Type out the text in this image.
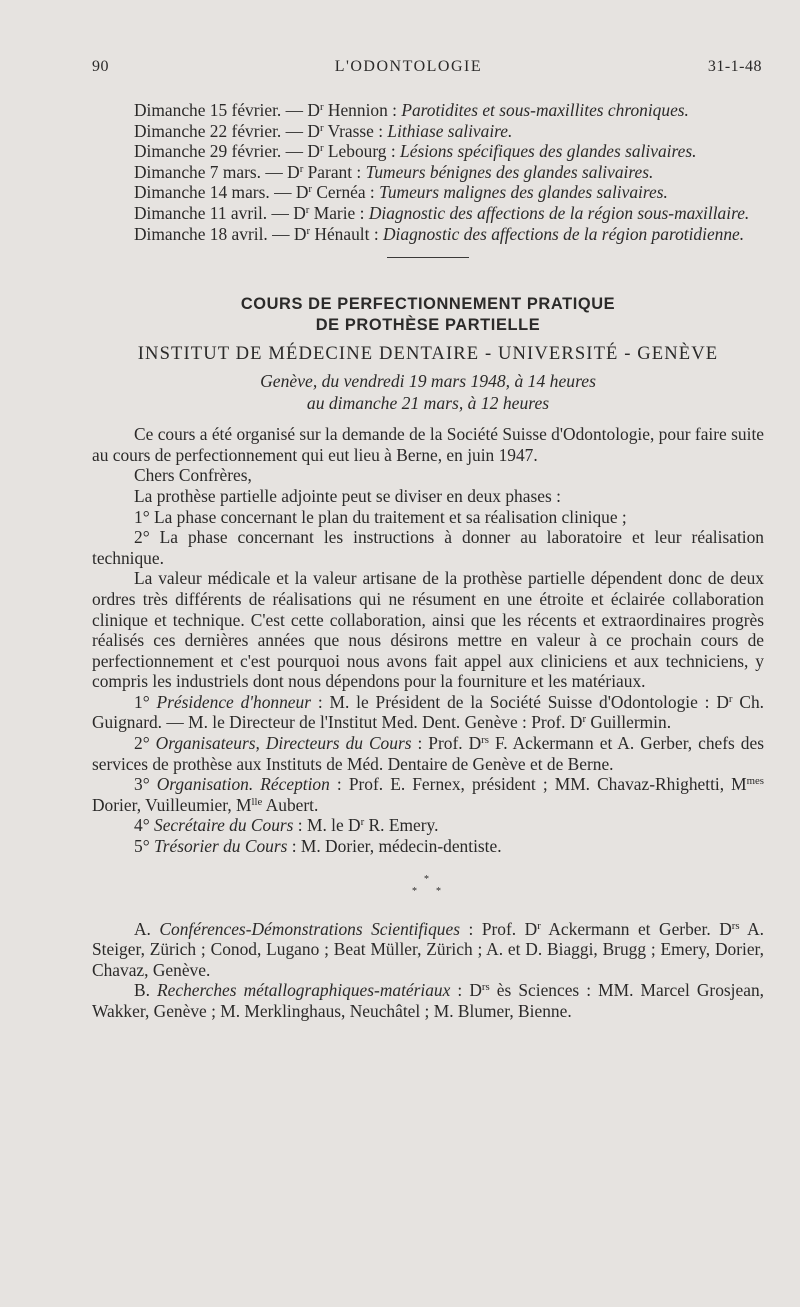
90	L'ODONTOLOGIE	31-1-48

Dimanche 15 février. — $D^r$ Hennion : Parotidites et sous-maxillites chroniques.

Dimanche 22 février. — $D^r$ Vrasse : Lithiase salivaire.

Dimanche 29 février. — $D^r$ Lebourg : Lésions spécifiques des glandes salivaires.

Dimanche 7 mars. — $D^r$ Parant : Tumeurs bénignes des glandes salivaires.

Dimanche 14 mars. — $D^r$ Cernéa : Tumeurs malignes des glandes salivaires.

Dimanche 11 avril. — $D^r$ Marie : Diagnostic des affections de la région sous-maxillaire.

Dimanche 18 avril. — $D^r$ Hénault : Diagnostic des affections de la région parotidienne.

COURS DE PERFECTIONNEMENT PRATIQUE
DE PROTHÈSE PARTIELLE
INSTITUT DE MÉDECINE DENTAIRE - UNIVERSITÉ - GENÈVE
Genève, du vendredi 19 mars 1948, à 14 heures
au dimanche 21 mars, à 12 heures

Ce cours a été organisé sur la demande de la Société Suisse d'Odontologie, pour faire suite au cours de perfectionnement qui eut lieu à Berne, en juin 1947.

Chers Confrères,

La prothèse partielle adjointe peut se diviser en deux phases :

1° La phase concernant le plan du traitement et sa réalisation clinique ;

2° La phase concernant les instructions à donner au laboratoire et leur réalisation technique.

La valeur médicale et la valeur artisane de la prothèse partielle dépendent donc de deux ordres très différents de réalisations qui ne résument en une étroite et éclairée collaboration clinique et technique. C'est cette collaboration, ainsi que les récents et extraordinaires progrès réalisés ces dernières années que nous désirons mettre en valeur à ce prochain cours de perfectionnement et c'est pourquoi nous avons fait appel aux cliniciens et aux techniciens, y compris les industriels dont nous dépendons pour la fourniture et les matériaux.

1° Présidence d'honneur : M. le Président de la Société Suisse d'Odontologie : $D^r$ Ch. Guignard. — M. le Directeur de l'Institut Med. Dent. Genève : Prof. $D^r$ Guillermin.

2° Organisateurs, Directeurs du Cours : Prof. $D^{rs}$ F. Ackermann et A. Gerber, chefs des services de prothèse aux Instituts de Méd. Dentaire de Genève et de Berne.

3° Organisation. Réception : Prof. E. Fernex, président ; MM. Chavaz-Rhighetti, $M^{mes}$ Dorier, Vuilleumier, $M^{lle}$ Aubert.

4° Secrétaire du Cours : M. le $D^r$ R. Emery.

5° Trésorier du Cours : M. Dorier, médecin-dentiste.

*
* *

A. Conférences-Démonstrations Scientifiques : Prof. $D^r$ Ackermann et Gerber. $D^{rs}$ A. Steiger, Zürich ; Conod, Lugano ; Beat Müller, Zürich ; A. et D. Biaggi, Brugg ; Emery, Dorier, Chavaz, Genève.

B. Recherches métallographiques-matériaux : $D^{rs}$ ès Sciences : MM. Marcel Grosjean, Wakker, Genève ; M. Merklinghaus, Neuchâtel ; M. Blumer, Bienne.
